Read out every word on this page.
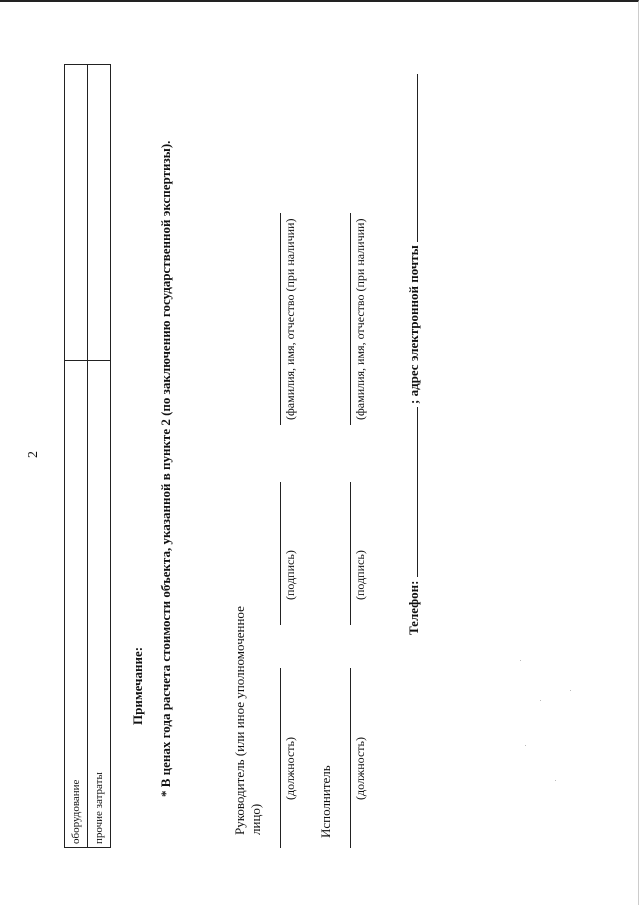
2
оборудование	
прочие затраты	
Примечание: * В ценах года расчета стоимости объекта, указанной в пункте 2 (по заключению государственной экспертизы).	Руководитель (или иное уполномоченное лицо)
(должность)
(подпись)
(фамилия, имя, отчество (при наличии)
Исполнитель (должность)
(подпись)
(фамилия, имя, отчество (при наличии)
Телефон:  ; адрес электронной почты
